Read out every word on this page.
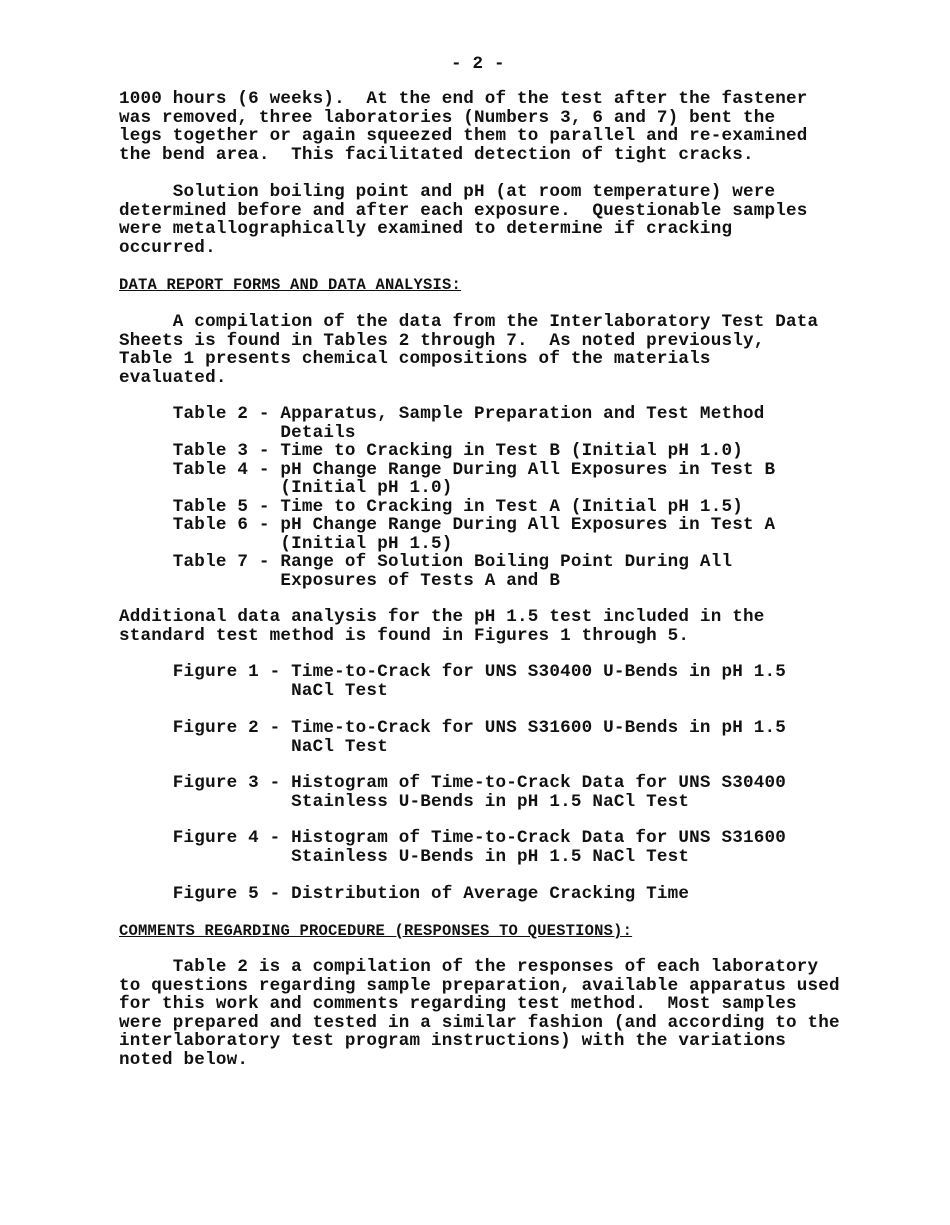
- 2 -
1000 hours (6 weeks).  At the end of the test after the fastener
was removed, three laboratories (Numbers 3, 6 and 7) bent the
legs together or again squeezed them to parallel and re-examined
the bend area.  This facilitated detection of tight cracks.
Solution boiling point and pH (at room temperature) were
determined before and after each exposure.  Questionable samples
were metallographically examined to determine if cracking
occurred.
DATA REPORT FORMS AND DATA ANALYSIS:
A compilation of the data from the Interlaboratory Test Data
Sheets is found in Tables 2 through 7.  As noted previously,
Table 1 presents chemical compositions of the materials
evaluated.
Table 2 - Apparatus, Sample Preparation and Test Method
Details
Table 3 - Time to Cracking in Test B (Initial pH 1.0)
Table 4 - pH Change Range During All Exposures in Test B
(Initial pH 1.0)
Table 5 - Time to Cracking in Test A (Initial pH 1.5)
Table 6 - pH Change Range During All Exposures in Test A
(Initial pH 1.5)
Table 7 - Range of Solution Boiling Point During All
Exposures of Tests A and B
Additional data analysis for the pH 1.5 test included in the
standard test method is found in Figures 1 through 5.
Figure 1 - Time-to-Crack for UNS S30400 U-Bends in pH 1.5
NaCl Test
Figure 2 - Time-to-Crack for UNS S31600 U-Bends in pH 1.5
NaCl Test
Figure 3 - Histogram of Time-to-Crack Data for UNS S30400
Stainless U-Bends in pH 1.5 NaCl Test
Figure 4 - Histogram of Time-to-Crack Data for UNS S31600
Stainless U-Bends in pH 1.5 NaCl Test
Figure 5 - Distribution of Average Cracking Time
COMMENTS REGARDING PROCEDURE (RESPONSES TO QUESTIONS):
Table 2 is a compilation of the responses of each laboratory
to questions regarding sample preparation, available apparatus used
for this work and comments regarding test method.  Most samples
were prepared and tested in a similar fashion (and according to the
interlaboratory test program instructions) with the variations
noted below.
